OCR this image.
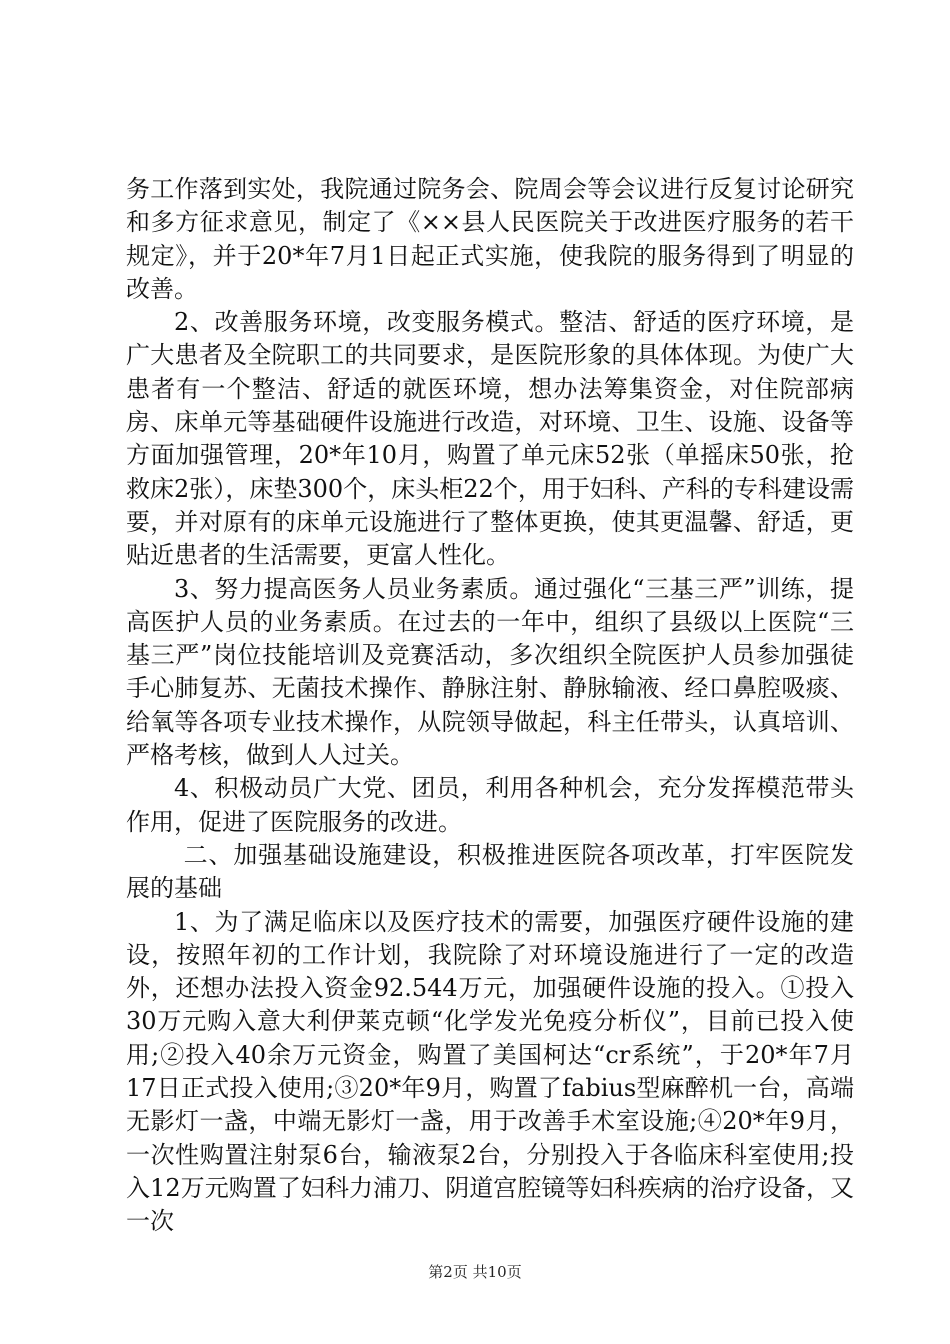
务工作落到实处，我院通过院务会、院周会等会议进行反复讨论研究和多方征求意见，制定了《××县人民医院关于改进医疗服务的若干规定》，并于20*年7月1日起正式实施，使我院的服务得到了明显的改善。

2、改善服务环境，改变服务模式。整洁、舒适的医疗环境，是广大患者及全院职工的共同要求，是医院形象的具体体现。为使广大患者有一个整洁、舒适的就医环境，想办法筹集资金，对住院部病房、床单元等基础硬件设施进行改造，对环境、卫生、设施、设备等方面加强管理，20*年10月，购置了单元床52张（单摇床50张，抢救床2张），床垫300个，床头柜22个，用于妇科、产科的专科建设需要，并对原有的床单元设施进行了整体更换，使其更温馨、舒适，更贴近患者的生活需要，更富人性化。

3、努力提高医务人员业务素质。通过强化“三基三严”训练，提高医护人员的业务素质。在过去的一年中，组织了县级以上医院“三基三严”岗位技能培训及竞赛活动，多次组织全院医护人员参加强徒手心肺复苏、无菌技术操作、静脉注射、静脉输液、经口鼻腔吸痰、给氧等各项专业技术操作，从院领导做起，科主任带头，认真培训、严格考核，做到人人过关。

4、积极动员广大党、团员，利用各种机会，充分发挥模范带头作用，促进了医院服务的改进。

二、加强基础设施建设，积极推进医院各项改革，打牢医院发展的基础

1、为了满足临床以及医疗技术的需要，加强医疗硬件设施的建设，按照年初的工作计划，我院除了对环境设施进行了一定的改造外，还想办法投入资金92.544万元，加强硬件设施的投入。①投入30万元购入意大利伊莱克顿“化学发光免疫分析仪”，目前已投入使用;②投入40余万元资金，购置了美国柯达“cr系统”，于20*年7月17日正式投入使用;③20*年9月，购置了fabius型麻醉机一台，高端无影灯一盏，中端无影灯一盏，用于改善手术室设施;④20*年9月，一次性购置注射泵6台，输液泵2台，分别投入于各临床科室使用;投入12万元购置了妇科力浦刀、阴道宫腔镜等妇科疾病的治疗设备，又一次

第2页 共10页
